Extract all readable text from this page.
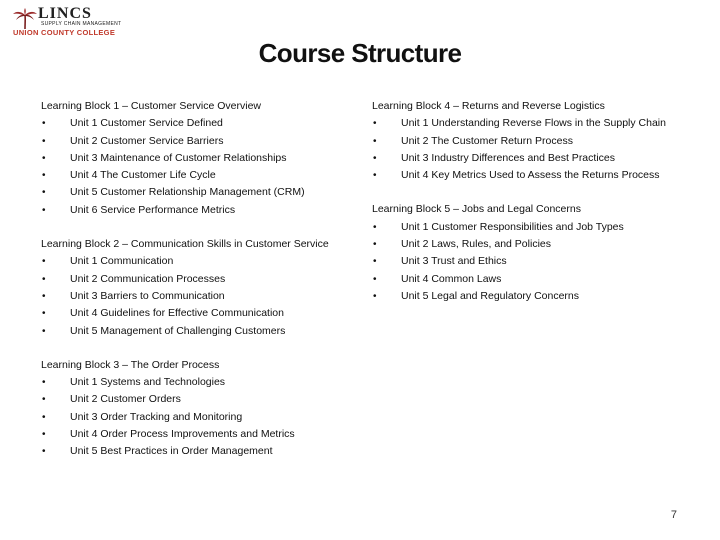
LINCS
SUPPLY CHAIN MANAGEMENT
UNION COUNTY COLLEGE
Course Structure

Learning Block 1 – Customer Service Overview

• Unit 1 Customer Service Defined
• Unit 2 Customer Service Barriers
• Unit 3 Maintenance of Customer Relationships
• Unit 4 The Customer Life Cycle
• Unit 5 Customer Relationship Management (CRM)
• Unit 6 Service Performance Metrics

Learning Block 2 – Communication Skills in Customer Service

• Unit 1 Communication
• Unit 2 Communication Processes
• Unit 3 Barriers to Communication
• Unit 4 Guidelines for Effective Communication
• Unit 5 Management of Challenging Customers

Learning Block 3 – The Order Process

• Unit 1 Systems and Technologies
• Unit 2 Customer Orders
• Unit 3 Order Tracking and Monitoring
• Unit 4 Order Process Improvements and Metrics
• Unit 5 Best Practices in Order Management

Learning Block 4 – Returns and Reverse Logistics

• Unit 1 Understanding Reverse Flows in the Supply Chain
• Unit 2 The Customer Return Process
• Unit 3 Industry Differences and Best Practices
• Unit 4 Key Metrics Used to Assess the Returns Process

Learning Block 5 – Jobs and Legal Concerns

• Unit 1 Customer Responsibilities and Job Types
• Unit 2 Laws, Rules, and Policies
• Unit 3 Trust and Ethics
• Unit 4 Common Laws
• Unit 5 Legal and Regulatory Concerns
7
